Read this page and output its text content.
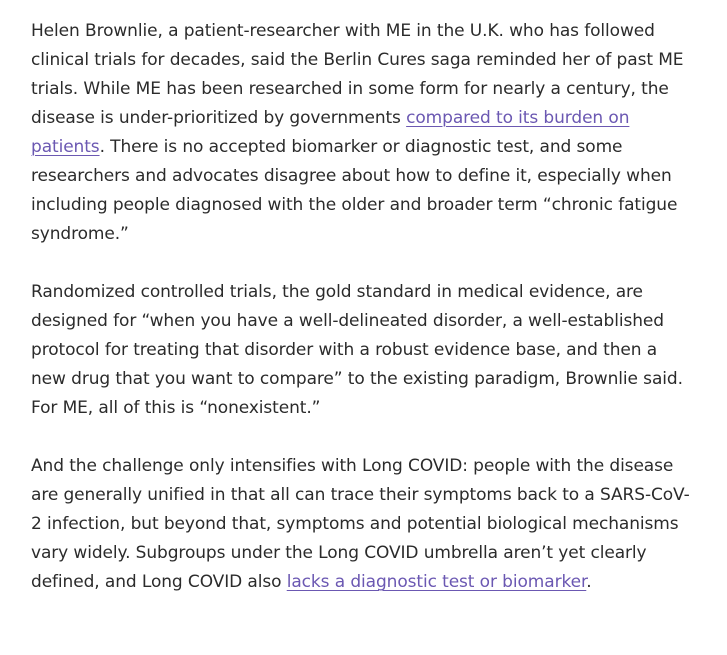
Helen Brownlie, a patient-researcher with ME in the U.K. who has followed clinical trials for decades, said the Berlin Cures saga reminded her of past ME trials. While ME has been researched in some form for nearly a century, the disease is under-prioritized by governments compared to its burden on patients. There is no accepted biomarker or diagnostic test, and some researchers and advocates disagree about how to define it, especially when including people diagnosed with the older and broader term “chronic fatigue syndrome.”

Randomized controlled trials, the gold standard in medical evidence, are designed for “when you have a well-delineated disorder, a well-established protocol for treating that disorder with a robust evidence base, and then a new drug that you want to compare” to the existing paradigm, Brownlie said. For ME, all of this is “nonexistent.”

And the challenge only intensifies with Long COVID: people with the disease are generally unified in that all can trace their symptoms back to a SARS-CoV-2 infection, but beyond that, symptoms and potential biological mechanisms vary widely. Subgroups under the Long COVID umbrella aren’t yet clearly defined, and Long COVID also lacks a diagnostic test or biomarker.
